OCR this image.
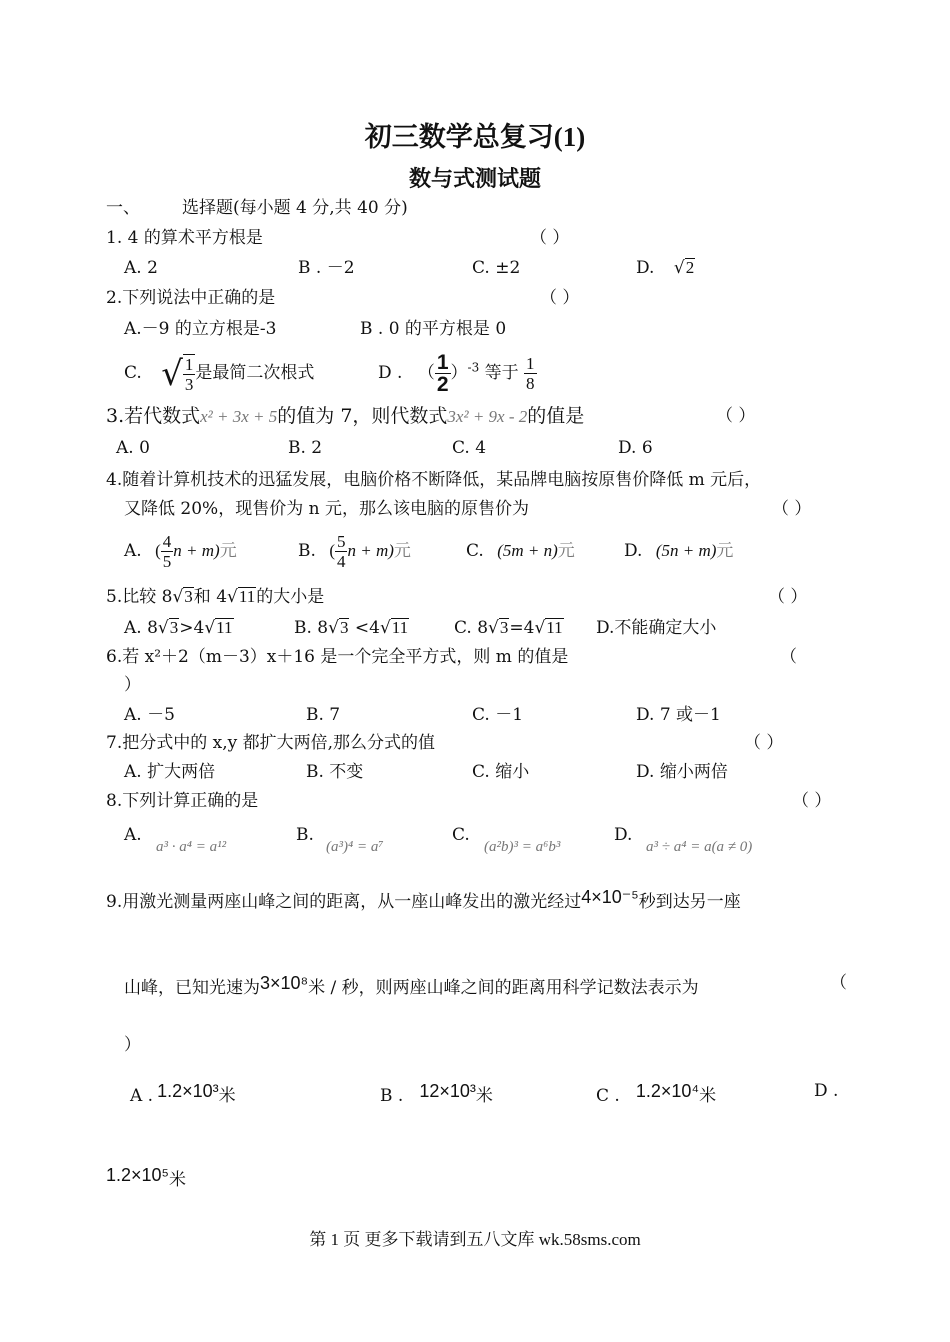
初三数学总复习(1)
数与式测试题
一、 选择题(每小题 4 分,共 40 分)
1. 4 的算术平方根是	（ ）
A. 2	B . －2	C. ±2	D. √2
2.下列说法中正确的是	（ ）
A.－9 的立方根是-3	B . 0 的平方根是 0
C. √ $\frac{1}{3}$ 是最简二次根式	D . （ $\frac{1}{2} )^{-3}$ 等于 $\frac{1}{8}$
3.若代数式x² + 3x + 5的值为 7，则代数式3x² + 9x - 2的值是	（ ）
A. 0	B. 2	C. 4	D. 6
4.随着计算机技术的迅猛发展，电脑价格不断降低，某品牌电脑按原售价降低 m 元后，
又降低 20%，现售价为 n 元，那么该电脑的原售价为	（ ）
A. ( $\frac{4}{5}$ n + m)元	B. ( $\frac{5}{4}$ n + m)元	C. (5m + n)元	D. (5n + m)元
5.比较 8√3和 4√11的大小是	（ ）
A. 8√3>4√11	B. 8√3 <4√11	C. 8√3=4√11 D.不能确定大小
6.若 x²＋2（m－3）x＋16 是一个完全平方式，则 m 的值是	（
）
A. －5	B. 7	C. －1	D. 7 或－1
7.把分式中的 x,y 都扩大两倍,那么分式的值	（ ）
A. 扩大两倍	B. 不变	C. 缩小	D. 缩小两倍
8.下列计算正确的是	（ ）
A.
a³ · a⁴ = a¹²
B.
(a³)⁴ = a⁷
C.
(a²b)³ = a⁶b³
D.
a³ ÷ a⁴ = a(a ≠ 0)
9.用激光测量两座山峰之间的距离，从一座山峰发出的激光经过4×10⁻⁵秒到达另一座
山峰，已知光速为3×10⁸米 / 秒，则两座山峰之间的距离用科学记数法表示为	（
）
A . 1.2×10³米	B . 12×10³米	C . 1.2×10⁴米	D .
1.2×10⁵米
第 1 页 更多下载请到五八文库 wk.58sms.com
